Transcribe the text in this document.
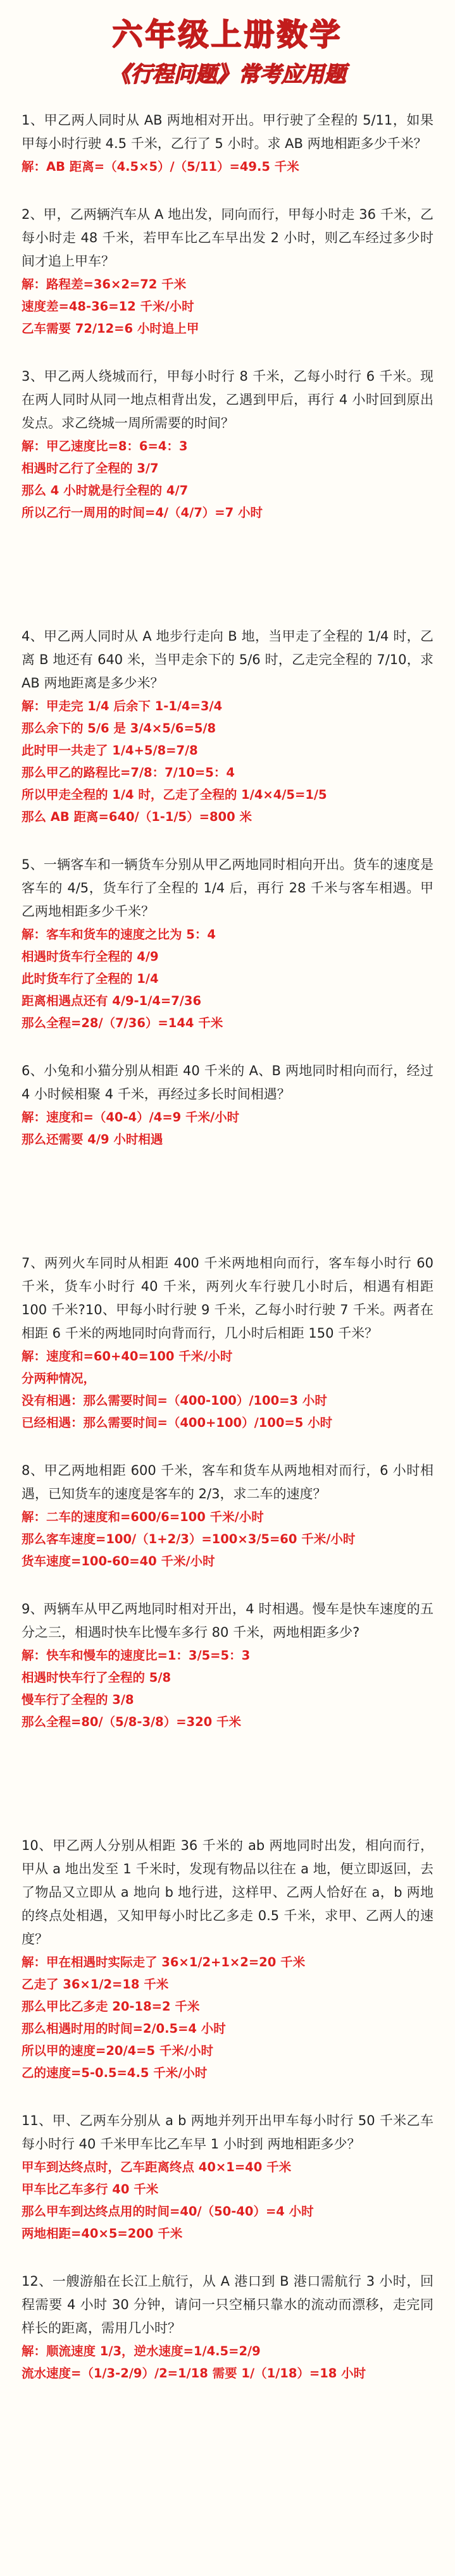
六年级上册数学
《行程问题》常考应用题

1、甲乙两人同时从 AB 两地相对开出。甲行驶了全程的 5/11，如果甲每小时行驶 4.5 千米，乙行了 5 小时。求 AB 两地相距多少千米？

解：AB 距离=（4.5×5）/（5/11）=49.5 千米

2、甲，乙两辆汽车从 A 地出发，同向而行，甲每小时走 36 千米，乙每小时走 48 千米，若甲车比乙车早出发 2 小时，则乙车经过多少时间才追上甲车？

解：路程差=36×2=72 千米

速度差=48-36=12 千米/小时

乙车需要 72/12=6 小时追上甲

3、甲乙两人绕城而行，甲每小时行 8 千米，乙每小时行 6 千米。现在两人同时从同一地点相背出发，乙遇到甲后，再行 4 小时回到原出发点。求乙绕城一周所需要的时间？

解：甲乙速度比=8：6=4：3

相遇时乙行了全程的 3/7

那么 4 小时就是行全程的 4/7

所以乙行一周用的时间=4/（4/7）=7 小时

4、甲乙两人同时从 A 地步行走向 B 地，当甲走了全程的 1/4 时，乙离 B 地还有 640 米，当甲走余下的 5/6 时，乙走完全程的 7/10，求 AB 两地距离是多少米？

解：甲走完 1/4 后余下 1-1/4=3/4

那么余下的 5/6 是 3/4×5/6=5/8

此时甲一共走了 1/4+5/8=7/8

那么甲乙的路程比=7/8：7/10=5：4

所以甲走全程的 1/4 时，乙走了全程的 1/4×4/5=1/5

那么 AB 距离=640/（1-1/5）=800 米

5、一辆客车和一辆货车分别从甲乙两地同时相向开出。货车的速度是客车的 4/5，货车行了全程的 1/4 后，再行 28 千米与客车相遇。甲乙两地相距多少千米？

解：客车和货车的速度之比为 5：4

相遇时货车行全程的 4/9

此时货车行了全程的 1/4

距离相遇点还有 4/9-1/4=7/36

那么全程=28/（7/36）=144 千米

6、小兔和小猫分别从相距 40 千米的 A、B 两地同时相向而行，经过 4 小时候相聚 4 千米，再经过多长时间相遇？

解：速度和=（40-4）/4=9 千米/小时

那么还需要 4/9 小时相遇

7、两列火车同时从相距 400 千米两地相向而行，客车每小时行 60 千米，货车小时行 40 千米，两列火车行驶几小时后，相遇有相距 100 千米?10、甲每小时行驶 9 千米，乙每小时行驶 7 千米。两者在相距 6 千米的两地同时向背而行，几小时后相距 150 千米？

解：速度和=60+40=100 千米/小时

分两种情况，

没有相遇：那么需要时间=（400-100）/100=3 小时

已经相遇：那么需要时间=（400+100）/100=5 小时

8、甲乙两地相距 600 千米，客车和货车从两地相对而行，6 小时相遇，已知货车的速度是客车的 2/3，求二车的速度？

解：二车的速度和=600/6=100 千米/小时

那么客车速度=100/（1+2/3）=100×3/5=60 千米/小时

货车速度=100-60=40 千米/小时

9、两辆车从甲乙两地同时相对开出，4 时相遇。慢车是快车速度的五分之三，相遇时快车比慢车多行 80 千米，两地相距多少?

解：快车和慢车的速度比=1：3/5=5：3

相遇时快车行了全程的 5/8

慢车行了全程的 3/8

那么全程=80/（5/8-3/8）=320 千米

10、甲乙两人分别从相距 36 千米的 ab 两地同时出发，相向而行，甲从 a 地出发至 1 千米时，发现有物品以往在 a 地，便立即返回，去了物品又立即从 a 地向 b 地行进，这样甲、乙两人恰好在 a，b 两地的终点处相遇，又知甲每小时比乙多走 0.5 千米，求甲、乙两人的速度？

解：甲在相遇时实际走了 36×1/2+1×2=20 千米

乙走了 36×1/2=18 千米

那么甲比乙多走 20-18=2 千米

那么相遇时用的时间=2/0.5=4 小时

所以甲的速度=20/4=5 千米/小时

乙的速度=5-0.5=4.5 千米/小时

11、甲、乙两车分别从 a b 两地并列开出甲车每小时行 50 千米乙车每小时行 40 千米甲车比乙车早 1 小时到 两地相距多少？

甲车到达终点时，乙车距离终点 40×1=40 千米

甲车比乙车多行 40 千米

那么甲车到达终点用的时间=40/（50-40）=4 小时

两地相距=40×5=200 千米

12、一艘游船在长江上航行，从 A 港口到 B 港口需航行 3 小时，回程需要 4 小时 30 分钟，请问一只空桶只靠水的流动而漂移，走完同样长的距离，需用几小时？

解：顺流速度 1/3，逆水速度=1/4.5=2/9

流水速度=（1/3-2/9）/2=1/18 需要 1/（1/18）=18 小时
